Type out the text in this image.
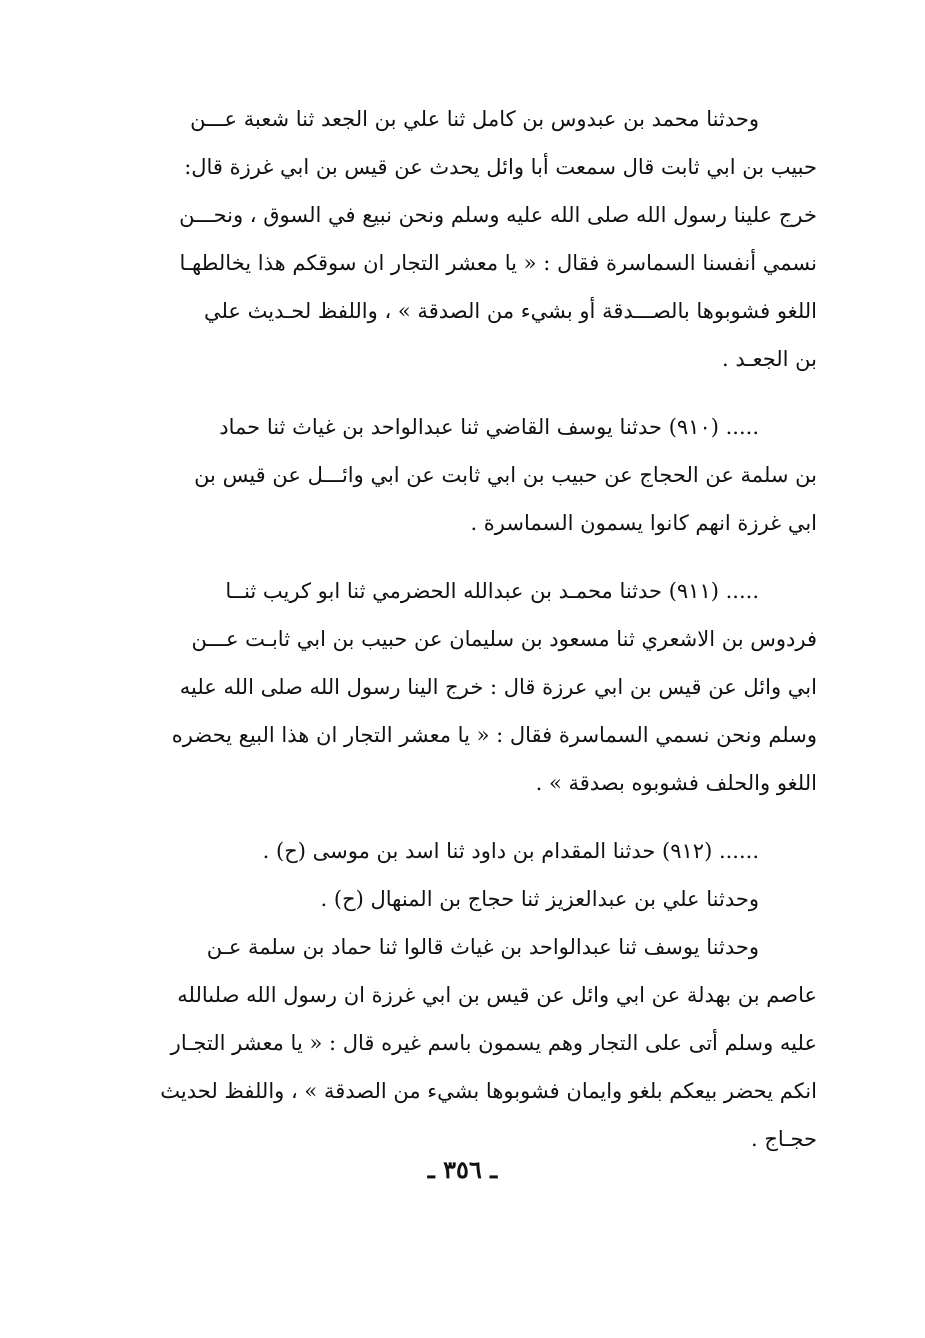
وحدثنا محمد بن عبدوس بن كامل ثنا علي بن الجعد ثنا شعبة عـــن
حبيب بن ابي ثابت قال سمعت أبا وائل يحدث عن قيس بن ابي غرزة قال:
خرج علينا رسول الله صلى الله عليه وسلم ونحن نبيع في السوق ، ونحـــن
نسمي أنفسنا السماسرة فقال : « يا معشر التجار ان سوقكم هذا يخالطهـا
اللغو فشوبوها بالصـــدقة أو بشيء من الصدقة » ، واللفظ لحـديث علي
بن الجعـد .
..... (٩١٠) حدثنا يوسف القاضي ثنا عبدالواحد بن غياث ثنا حماد
بن سلمة عن الحجاج عن حبيب بن ابي ثابت عن ابي وائـــل عن قيس بن
ابي غرزة انهم كانوا يسمون السماسرة .
..... (٩١١) حدثنا محمـد بن عبدالله الحضرمي ثنا ابو كريب ثنــا
فردوس بن الاشعري ثنا مسعود بن سليمان عن حبيب بن ابي ثابـت عـــن
ابي وائل عن قيس بن ابي عرزة قال : خرج الينا رسول الله صلى الله عليه
وسلم ونحن نسمي السماسرة فقال : « يا معشر التجار ان هذا البيع يحضره
اللغو والحلف فشوبوه بصدقة » .
...... (٩١٢) حدثنا المقدام بن داود ثنا اسد بن موسى (ح) .
وحدثنا علي بن عبدالعزيز ثنا حجاج بن المنهال (ح) .
وحدثنا يوسف ثنا عبدالواحد بن غياث قالوا ثنا حماد بن سلمة عـن
عاصم بن بهدلة عن ابي وائل عن قيس بن ابي غرزة ان رسول الله صلىالله
عليه وسلم أتى على التجار وهم يسمون باسم غيره قال : « يا معشر التجـار
انكم يحضر بيعكم بلغو وايمان فشوبوها بشيء من الصدقة » ، واللفظ لحديث
حجـاج .
ـ ٣٥٦ ـ
